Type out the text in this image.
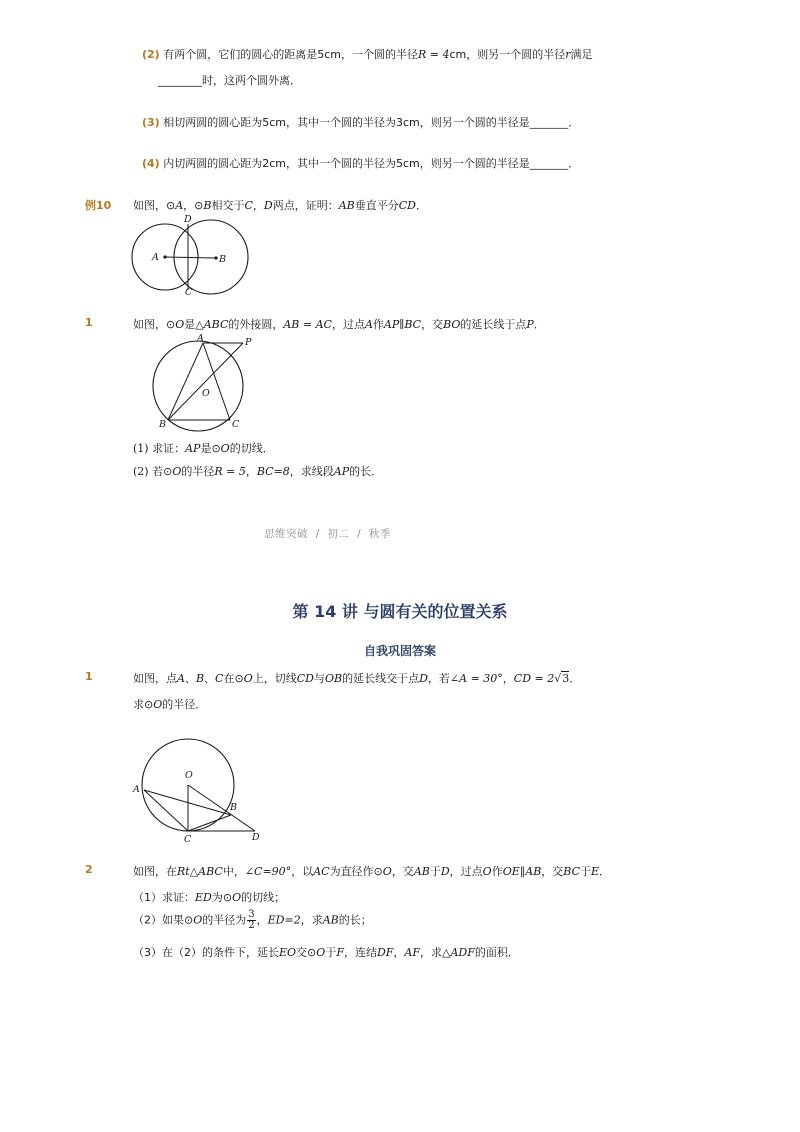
(2) 有两个圆，它们的圆心的距离是5cm，一个圆的半径R = 4cm，则另一个圆的半径r满足
________时，这两个圆外离．
(3) 相切两圆的圆心距为5cm，其中一个圆的半径为3cm，则另一个圆的半径是_______．
(4) 内切两圆的圆心距为2cm，其中一个圆的半径为5cm，则另一个圆的半径是_______．
例10 如图，⊙A，⊙B相交于C，D两点，证明：AB垂直平分CD．
D
A	B
C
1	如图，⊙O是△ABC的外接圆，AB = AC，过点A作AP∥BC，交BO的延长线于点P．
A	P
O
B	C
(1) 求证：AP是⊙O的切线．
(2) 若⊙O的半径R = 5，BC=8，求线段AP的长．
思维突破 / 初二 / 秋季
第 14 讲 与圆有关的位置关系
自我巩固答案
1	如图，点A、B、C在⊙O上，切线CD与OB的延长线交于点D，若∠A = 30°，CD = 2√3．
求⊙O的半径．
O
A
B
C	D
2	如图，在Rt△ABC中，∠C=90°，以AC为直径作⊙O，交AB于D，过点O作OE∥AB，交BC于E．
（1）求证：ED为⊙O的切线；
（2）如果⊙O的半径为 $\frac{3}{2}$ ，ED=2，求AB的长；
（3）在（2）的条件下，延长EO交⊙O于F，连结DF，AF，求△ADF的面积．
